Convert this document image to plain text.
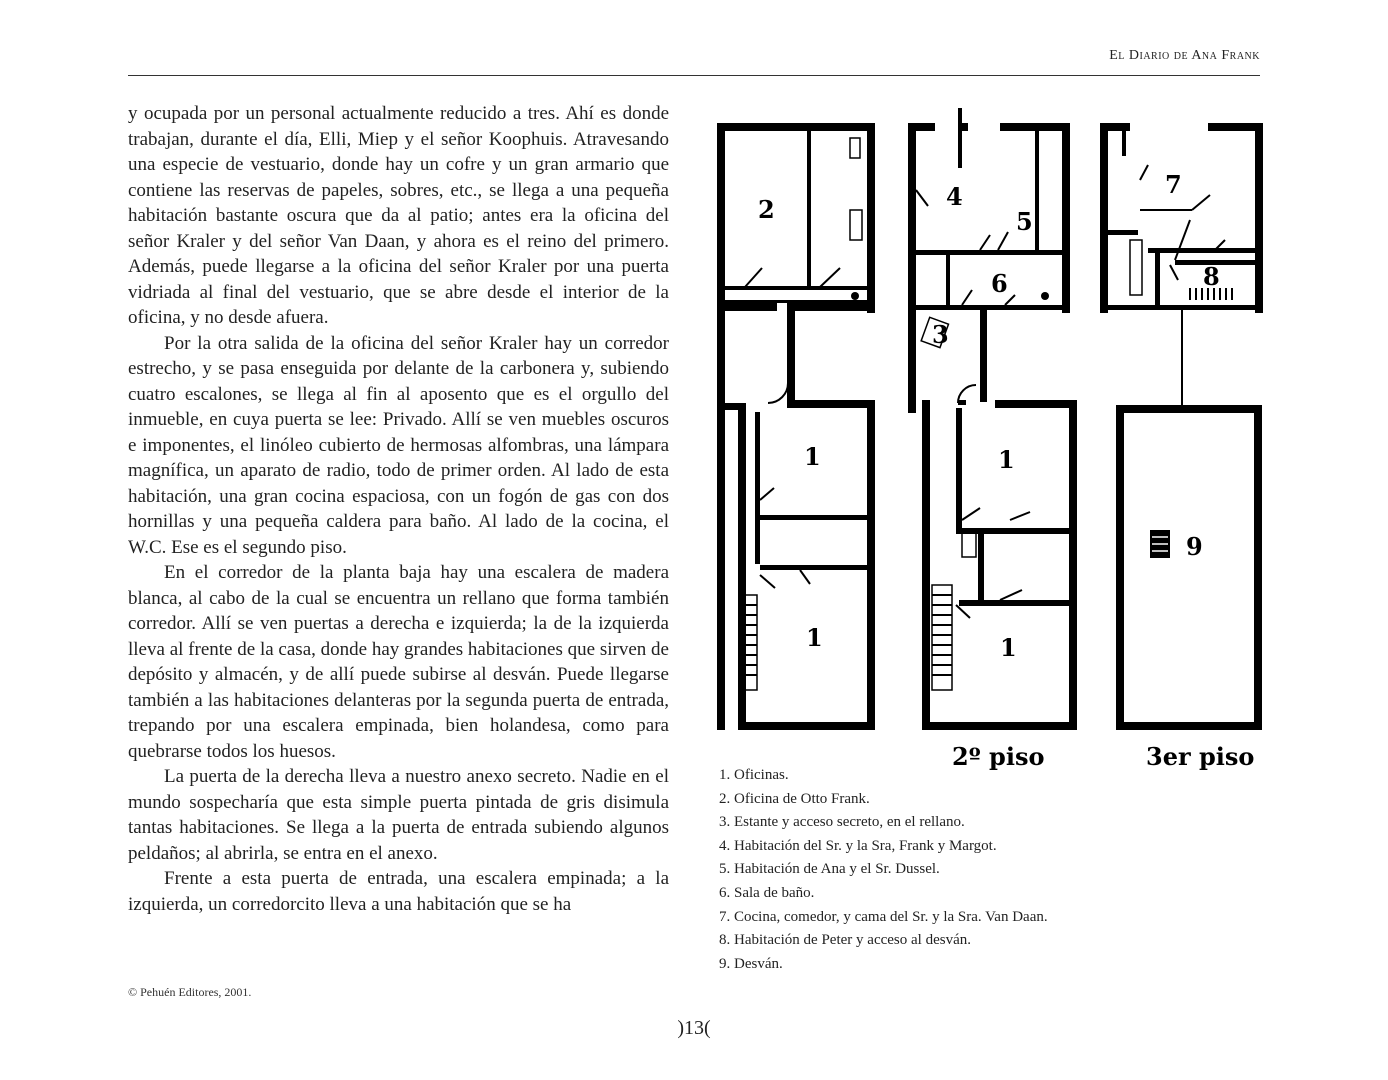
El Diario de Ana Frank

y ocupada por un personal actualmente reducido a tres. Ahí es donde trabajan, durante el día, Elli, Miep y el señor Koophuis. Atravesando una especie de vestuario, donde hay un cofre y un gran armario que contiene las reservas de papeles, sobres, etc., se llega a una pequeña habitación bastante oscura que da al patio; antes era la oficina del señor Kraler y del señor Van Daan, y ahora es el reino del primero. Además, puede llegarse a la oficina del señor Kraler por una puerta vidriada al final del vestuario, que se abre desde el interior de la oficina, y no desde afuera.

Por la otra salida de la oficina del señor Kraler hay un corredor estrecho, y se pasa enseguida por delante de la carbonera y, subiendo cuatro escalones, se llega al fin al aposento que es el orgullo del inmueble, en cuya puerta se lee: Privado. Allí se ven muebles oscuros e imponentes, el linóleo cubierto de hermosas alfombras, una lámpara magnífica, un aparato de radio, todo de primer orden. Al lado de esta habitación, una gran cocina espaciosa, con un fogón de gas con dos hornillas y una pequeña caldera para baño. Al lado de la cocina, el W.C. Ese es el segundo piso.

En el corredor de la planta baja hay una escalera de madera blanca, al cabo de la cual se encuentra un rellano que forma también corredor. Allí se ven puertas a derecha e izquierda; la de la izquierda lleva al frente de la casa, donde hay grandes habitaciones que sirven de depósito y almacén, y de allí puede subirse al desván. Puede llegarse también a las habitaciones delanteras por la segunda puerta de entrada, trepando por una escalera empinada, bien holandesa, como para quebrarse todos los huesos.

La puerta de la derecha lleva a nuestro anexo secreto. Nadie en el mundo sospecharía que esta simple puerta pintada de gris disimula tantas habitaciones. Se llega a la puerta de entrada subiendo algunos peldaños; al abrirla, se entra en el anexo.

Frente a esta puerta de entrada, una escalera empinada; a la izquierda, un corredorcito lleva a una habitación que se ha

2
1
1
4
5
6
3
1
1
2º piso
7
8
9
3er piso
1. Oficinas.
2. Oficina de Otto Frank.
3. Estante y acceso secreto, en el rellano.
4. Habitación del Sr. y la Sra, Frank y Margot.
5. Habitación de Ana y el Sr. Dussel.
6. Sala de baño.
7. Cocina, comedor, y cama del Sr. y la Sra. Van Daan.
8. Habitación de Peter y acceso al desván.
9. Desván.
© Pehuén Editores, 2001.
)13(
